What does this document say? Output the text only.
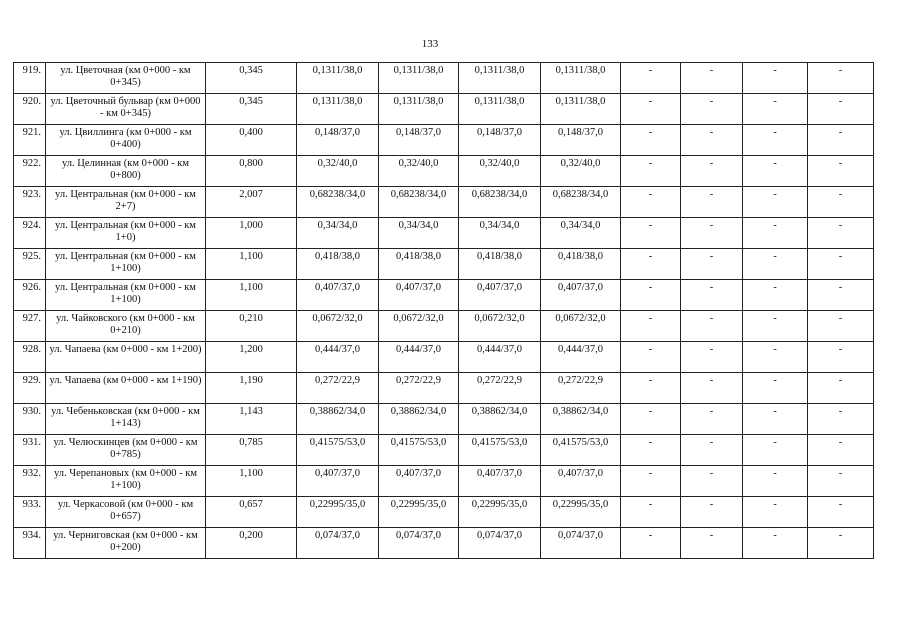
133
919.	ул. Цветочная (км 0+000 - км 0+345)	0,345	0,1311/38,0	0,1311/38,0	0,1311/38,0	0,1311/38,0	-	-	-	-
920.	ул. Цветочный бульвар (км 0+000 - км 0+345)	0,345	0,1311/38,0	0,1311/38,0	0,1311/38,0	0,1311/38,0	-	-	-	-
921.	ул. Цвиллинга (км 0+000 - км 0+400)	0,400	0,148/37,0	0,148/37,0	0,148/37,0	0,148/37,0	-	-	-	-
922.	ул. Целинная (км 0+000 - км 0+800)	0,800	0,32/40,0	0,32/40,0	0,32/40,0	0,32/40,0	-	-	-	-
923.	ул. Центральная (км 0+000 - км 2+7)	2,007	0,68238/34,0	0,68238/34,0	0,68238/34,0	0,68238/34,0	-	-	-	-
924.	ул. Центральная (км 0+000 - км 1+0)	1,000	0,34/34,0	0,34/34,0	0,34/34,0	0,34/34,0	-	-	-	-
925.	ул. Центральная (км 0+000 - км 1+100)	1,100	0,418/38,0	0,418/38,0	0,418/38,0	0,418/38,0	-	-	-	-
926.	ул. Центральная (км 0+000 - км 1+100)	1,100	0,407/37,0	0,407/37,0	0,407/37,0	0,407/37,0	-	-	-	-
927.	ул. Чайковского (км 0+000 - км 0+210)	0,210	0,0672/32,0	0,0672/32,0	0,0672/32,0	0,0672/32,0	-	-	-	-
928.	ул. Чапаева (км 0+000 - км 1+200)	1,200	0,444/37,0	0,444/37,0	0,444/37,0	0,444/37,0	-	-	-	-
929.	ул. Чапаева (км 0+000 - км 1+190)	1,190	0,272/22,9	0,272/22,9	0,272/22,9	0,272/22,9	-	-	-	-
930.	ул. Чебеньковская (км 0+000 - км 1+143)	1,143	0,38862/34,0	0,38862/34,0	0,38862/34,0	0,38862/34,0	-	-	-	-
931.	ул. Челюскинцев (км 0+000 - км 0+785)	0,785	0,41575/53,0	0,41575/53,0	0,41575/53,0	0,41575/53,0	-	-	-	-
932.	ул. Черепановых (км 0+000 - км 1+100)	1,100	0,407/37,0	0,407/37,0	0,407/37,0	0,407/37,0	-	-	-	-
933.	ул. Черкасовой (км 0+000 - км 0+657)	0,657	0,22995/35,0	0,22995/35,0	0,22995/35,0	0,22995/35,0	-	-	-	-
934.	ул. Черниговская (км 0+000 - км 0+200)	0,200	0,074/37,0	0,074/37,0	0,074/37,0	0,074/37,0	-	-	-	-
